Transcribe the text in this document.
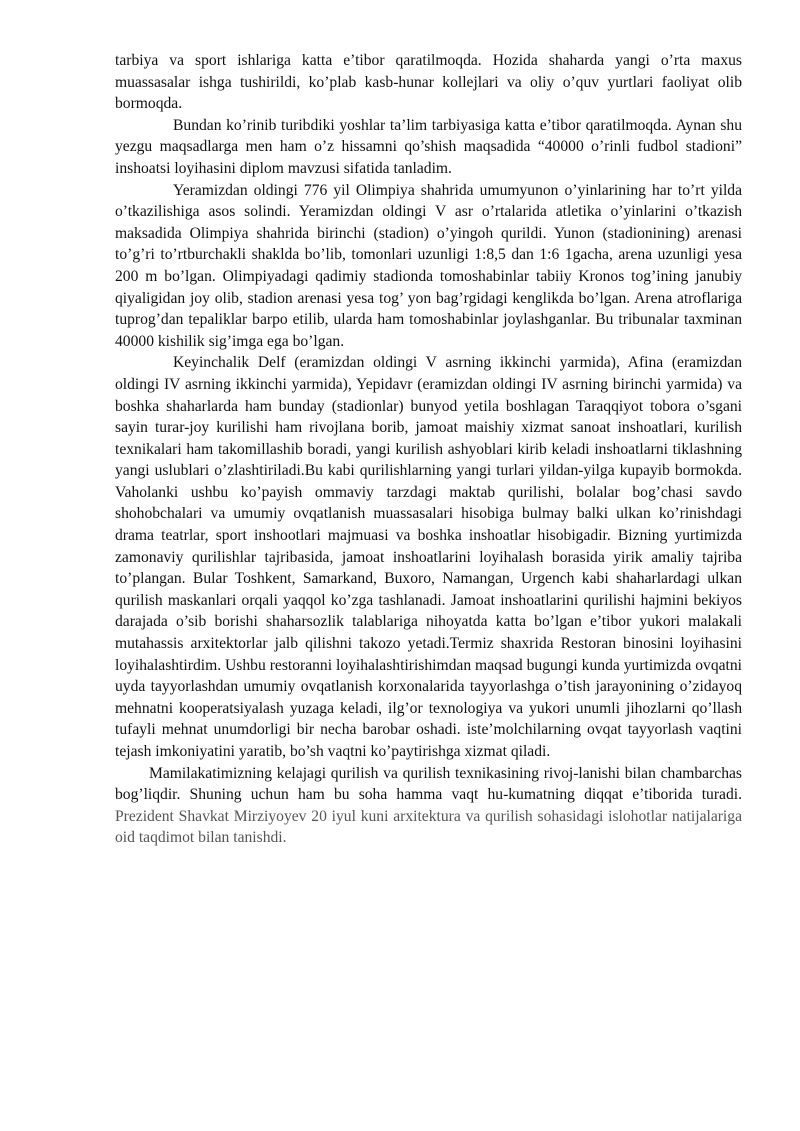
tarbiya va sport ishlariga katta e’tibor qaratilmoqda. Hozida shaharda yangi o’rta maxus muassasalar ishga tushirildi, ko’plab kasb-hunar kollejlari va oliy o’quv yurtlari faoliyat olib bormoqda.

Bundan ko’rinib turibdiki yoshlar ta’lim tarbiyasiga katta e’tibor qaratilmoqda. Aynan shu yezgu maqsadlarga men ham o’z hissamni qo’shish maqsadida “40000 o’rinli fudbol stadioni” inshoatsi loyihasini diplom mavzusi sifatida tanladim.

Yeramizdan oldingi 776 yil Olimpiya shahrida umumyunon o’yinlarining har to’rt yilda o’tkazilishiga asos solindi. Yeramizdan oldingi V asr o’rtalarida atletika o’yinlarini o’tkazish maksadida Olimpiya shahrida birinchi (stadion) o’yingoh qurildi. Yunon (stadionining) arenasi to’g’ri to’rtburchakli shaklda bo’lib, tomonlari uzunligi 1:8,5 dan 1:6 1gacha, arena uzunligi yesa 200 m bo’lgan. Olimpiyadagi qadimiy stadionda tomoshabinlar tabiiy Kronos tog’ining janubiy qiyaligidan joy olib, stadion arenasi yesa tog’ yon bag’rgidagi kenglikda bo’lgan. Arena atroflariga tuprog’dan tepaliklar barpo etilib, ularda ham tomoshabinlar joylashganlar. Bu tribunalar taxminan 40000 kishilik sig’imga ega bo’lgan.

Keyinchalik Delf (eramizdan oldingi V asrning ikkinchi yarmida), Afina (eramizdan oldingi IV asrning ikkinchi yarmida), Yepidavr (eramizdan oldingi IV asrning birinchi yarmida) va boshka shaharlarda ham bunday (stadionlar) bunyod yetila boshlagan Taraqqiyot tobora o’sgani sayin turar-joy kurilishi ham rivojlana borib, jamoat maishiy xizmat sanoat inshoatlari, kurilish texnikalari ham takomillashib boradi, yangi kurilish ashyoblari kirib keladi inshoatlarni tiklashning yangi uslublari o’zlashtiriladi.Bu kabi qurilishlarning yangi turlari yildan-yilga kupayib bormokda. Vaholanki ushbu ko’payish ommaviy tarzdagi maktab qurilishi, bolalar bog’chasi savdo shohobchalari va umumiy ovqatlanish muassasalari hisobiga bulmay balki ulkan ko’rinishdagi drama teatrlar, sport inshootlari majmuasi va boshka inshoatlar hisobigadir. Bizning yurtimizda zamonaviy qurilishlar tajribasida, jamoat inshoatlarini loyihalash borasida yirik amaliy tajriba to’plangan. Bular Toshkent, Samarkand, Buxoro, Namangan, Urgench kabi shaharlardagi ulkan qurilish maskanlari orqali yaqqol ko’zga tashlanadi. Jamoat inshoatlarini qurilishi hajmini bekiyos darajada o’sib borishi shaharsozlik talablariga nihoyatda katta bo’lgan e’tibor yukori malakali mutahassis arxitektorlar jalb qilishni takozo yetadi.Termiz shaxrida Restoran binosini loyihasini loyihalashtirdim. Ushbu restoranni loyihalashtirishimdan maqsad bugungi kunda yurtimizda ovqatni uyda tayyorlashdan umumiy ovqatlanish korxonalarida tayyorlashga o’tish jarayonining o’zidayoq mehnatni kooperatsiyalash yuzaga keladi, ilg’or texnologiya va yukori unumli jihozlarni qo’llash tufayli mehnat unumdorligi bir necha barobar oshadi. iste’molchilarning ovqat tayyorlash vaqtini tejash imkoniyatini yaratib, bo’sh vaqtni ko’paytirishga xizmat qiladi.

Mamilakatimizning kelajagi qurilish va qurilish texnikasining rivoj-lanishi bilan chambarchas bog’liqdir. Shuning uchun ham bu soha hamma vaqt hu-kumatning diqqat e’tiborida turadi. Prezident Shavkat Mirziyoyev 20 iyul kuni arxitektura va qurilish sohasidagi islohotlar natijalariga oid taqdimot bilan tanishdi.
